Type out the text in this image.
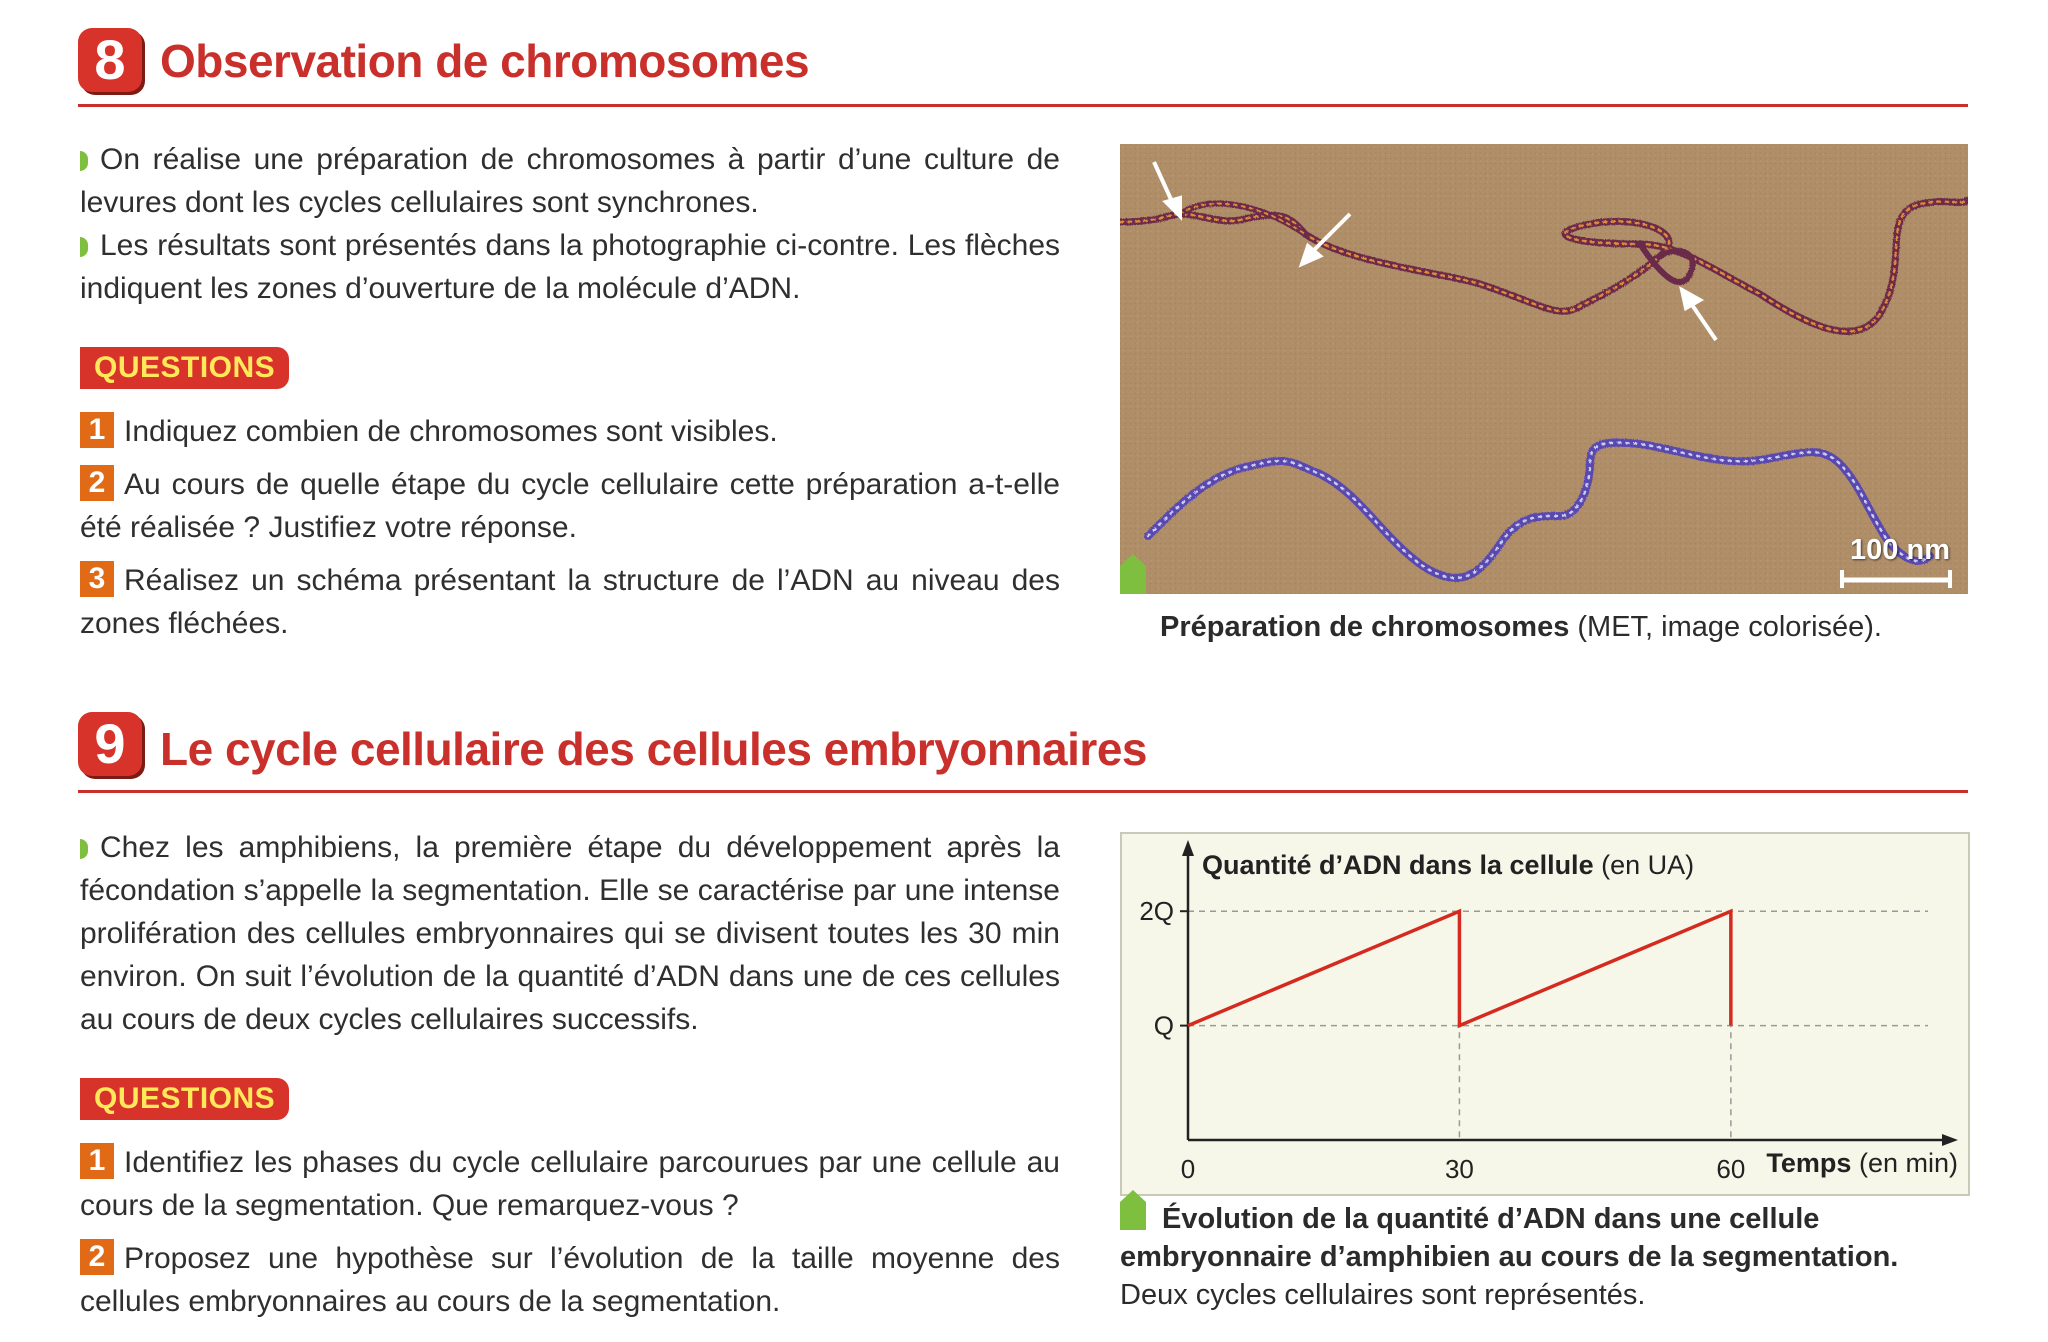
8 Observation de chromosomes
On réalise une préparation de chromosomes à partir d’une culture de levures dont les cycles cellulaires sont synchrones.
Les résultats sont présentés dans la photographie ci-contre. Les flèches indiquent les zones d’ouverture de la molécule d’ADN.
QUESTIONS
1 Indiquez combien de chromosomes sont visibles.
2 Au cours de quelle étape du cycle cellulaire cette préparation a-t-elle été réalisée ? Justifiez votre réponse.
3 Réalisez un schéma présentant la structure de l’ADN au niveau des zones fléchées.
100 nm
Préparation de chromosomes (MET, image colorisée).
9 Le cycle cellulaire des cellules embryonnaires
Chez les amphibiens, la première étape du développement après la fécondation s’appelle la segmentation. Elle se caractérise par une intense prolifération des cellules embryonnaires qui se divisent toutes les 30 min environ. On suit l’évolution de la quantité d’ADN dans une de ces cellules au cours de deux cycles cellulaires successifs.
QUESTIONS
1 Identifiez les phases du cycle cellulaire parcourues par une cellule au cours de la segmentation. Que remarquez-vous ?
2 Proposez une hypothèse sur l’évolution de la taille moyenne des cellules embryonnaires au cours de la segmentation.
Q
2Q
0	30	60
Quantité d’ADN dans la cellule (en UA)
Temps (en min)
Évolution de la quantité d’ADN dans une cellule embryonnaire d’amphibien au cours de la segmentation.
Deux cycles cellulaires sont représentés.
